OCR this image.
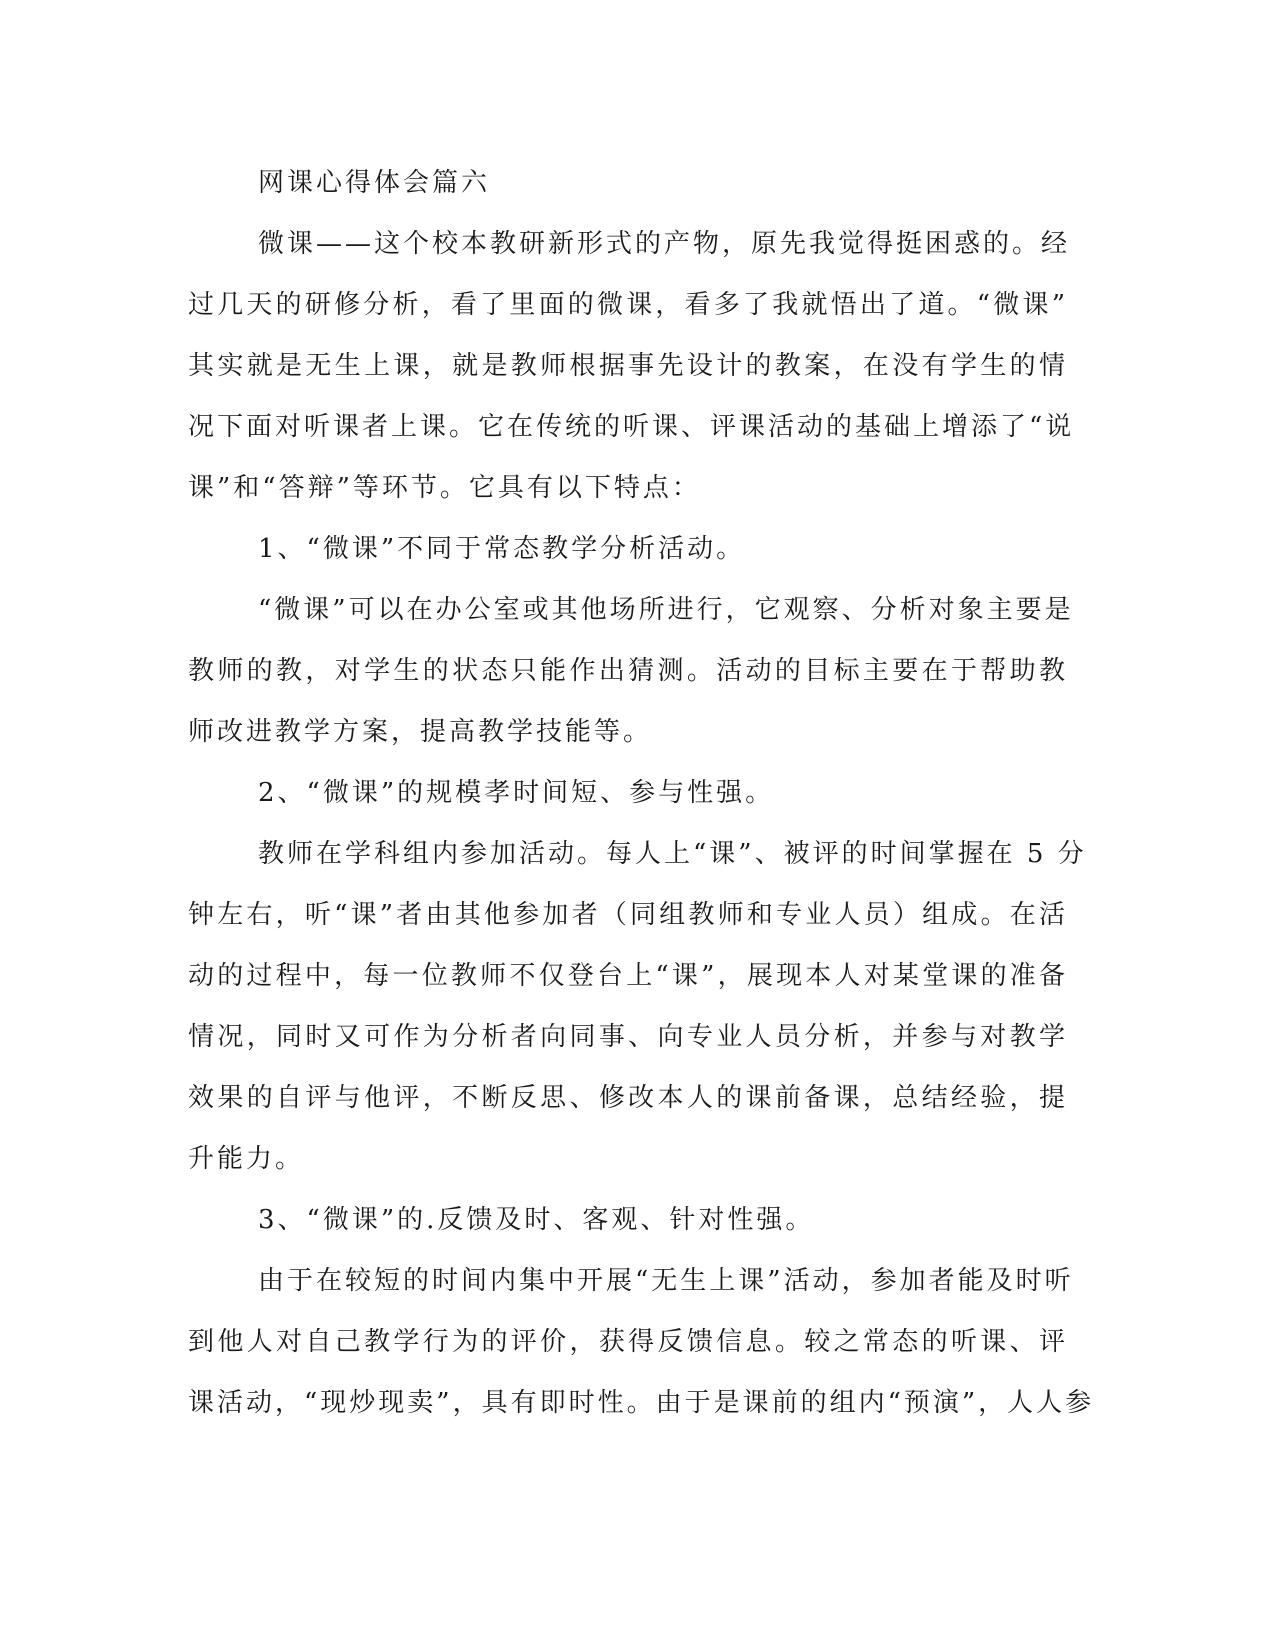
网课心得体会篇六
微课——这个校本教研新形式的产物，原先我觉得挺困惑的。经
过几天的研修分析，看了里面的微课，看多了我就悟出了道。“微课”
其实就是无生上课，就是教师根据事先设计的教案，在没有学生的情
况下面对听课者上课。它在传统的听课、评课活动的基础上增添了“说
课”和“答辩”等环节。它具有以下特点：
1、“微课”不同于常态教学分析活动。
“微课”可以在办公室或其他场所进行，它观察、分析对象主要是
教师的教，对学生的状态只能作出猜测。活动的目标主要在于帮助教
师改进教学方案，提高教学技能等。
2、“微课”的规模孝时间短、参与性强。
教师在学科组内参加活动。每人上“课”、被评的时间掌握在 5 分
钟左右，听“课”者由其他参加者（同组教师和专业人员）组成。在活
动的过程中，每一位教师不仅登台上“课”，展现本人对某堂课的准备
情况，同时又可作为分析者向同事、向专业人员分析，并参与对教学
效果的自评与他评，不断反思、修改本人的课前备课，总结经验，提
升能力。
3、“微课”的.反馈及时、客观、针对性强。
由于在较短的时间内集中开展“无生上课”活动，参加者能及时听
到他人对自己教学行为的评价，获得反馈信息。较之常态的听课、评
课活动，“现炒现卖”，具有即时性。由于是课前的组内“预演”，人人参
